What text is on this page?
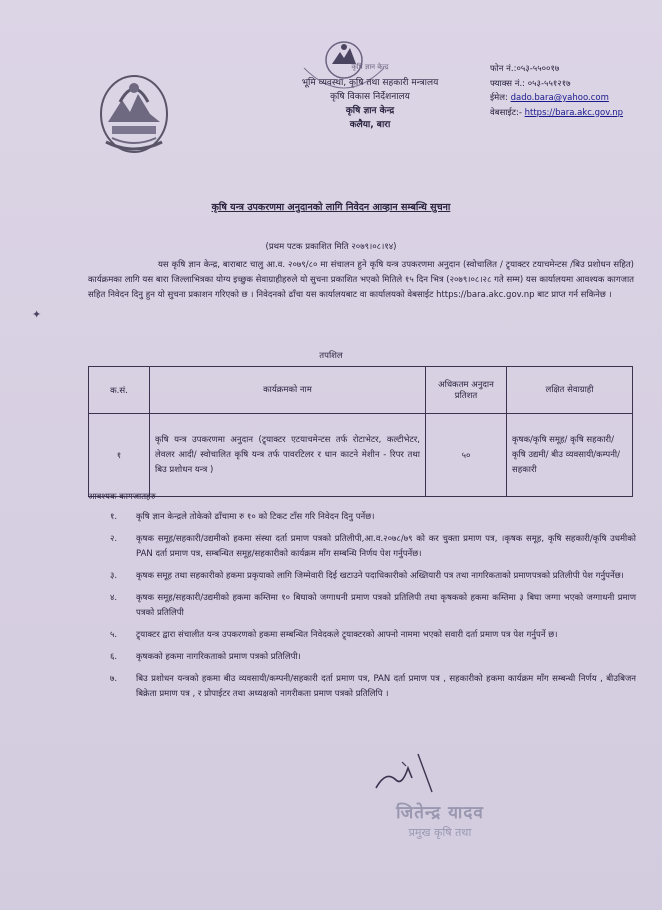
कृषि ज्ञान केन्द्र
भूमि व्यवस्था, कृषि तथा सहकारी मन्त्रालय
कृषि विकास निर्देशनालय
कृषि ज्ञान केन्द्र
कलैया, बारा
फोन नं.:०५३-५५००१७
फ्याक्स नं.: ०५३-५५१२१७
ईमेल: dado.bara@yahoo.com
वेबसाईट:- https://bara.akc.gov.np
कृषि यन्त्र उपकरणमा अनुदानको लागि निवेदन आव्हान सम्बन्धि सुचना
(प्रथम पटक प्रकाशित मिति २०७९।०८।१४)
✦
यस कृषि ज्ञान केन्द्र, बाराबाट चालु आ.व. २०७९/८० मा संचालन हुने कृषि यन्त्र उपकरणमा अनुदान (स्वोचालित / ट्र्याक्टर टयाचमेन्टस /बिउ प्रशोधन सहित) कार्यक्रमका लागि यस बारा जिल्लाभित्रका योग्य इच्छुक सेवाग्राहीहरुले यो सुचना प्रकाशित भएको मितिले १५ दिन भित्र (२०७९।०८।२८ गते सम्म) यस कार्यालयमा आवश्यक कागजात सहित निवेदन दिनु हुन यो सुचना प्रकाशन गरिएको छ । निवेदनको ढाँचा यस कार्यालयबाट वा कार्यालयको वेबसाईट https://bara.akc.gov.np बाट प्राप्त गर्न सकिनेछ ।
तपशिल
क.सं.	कार्यक्रमको नाम	अधिकतम अनुदान प्रतिशत	लक्षित सेवाग्राही
१	कृषि यन्त्र उपकरणमा अनुदान (ट्र्याक्टर एटयाचमेन्टस तर्फ रोटाभेटर, कल्टीभेटर, लेवलर आदी/ स्वोचालित कृषि यन्त्र तर्फ पावरटिलर र धान काटने मेशीन - रिपर तथा बिउ प्रशोधन यन्त्र )	५०	कृषक/कृषि समूह/ कृषि सहकारी/ कृषि उद्यमी/ बीउ व्यवसायी/कम्पनी/ सहकारी
आवश्यक कागजातहरु
१.	कृषि ज्ञान केन्द्रले तोकेको ढाँचामा रु १० को टिकट टाँस गरि निवेदन दिनु पर्नेछ।
२.	कृषक समूह/सहकारी/उद्यमीको हकमा संस्था दर्ता प्रमाण पत्रको प्रतिलीपी,आ.व.२०७८/७९ को कर चुक्ता प्रमाण पत्र, ।कृषक समूह, कृषि सहकारी/कृषि उधमीको PAN दर्ता प्रमाण पत्र, सम्बन्धित समूह/सहकारीको कार्यक्रम माँग सम्बन्धि निर्णय पेश गर्नुपर्नेछ।
३.	कृषक समूह तथा सहकारीको हकमा प्रकृयाको लागि जिम्मेवारी दिई खटाउने पदाधिकारीको अख्तियारी पत्र तथा नागरिकताको प्रमाणपत्रको प्रतिलीपी पेश गर्नुपर्नेछ।
४.	कृषक समूह/सहकारी/उद्यमीको हकमा कम्तिमा १० बिघाको जग्गाधनी प्रमाण पत्रको प्रतिलिपी तथा कृषकको हकमा कम्तिमा ३ बिघा जग्गा भएको जग्गाधनी प्रमाण पत्रको प्रतिलिपी
५.	ट्र्याक्टर द्वारा संचालीत यन्त्र उपकरणको हकमा सम्बन्धित निवेदकले ट्र्याक्टरको आफ्नो नाममा भएको सवारी दर्ता प्रमाण पत्र पेश गर्नुपर्ने छ।
६.	कृषकको हकमा नागरिकताको प्रमाण पत्रको प्रतिलिपी।
७.	बिउ प्रशोधन यन्त्रको हकमा बीउ व्यवसायी/कम्पनी/सहकारी दर्ता प्रमाण पत्र, PAN दर्ता प्रमाण पत्र , सहकारीको हकमा कार्यक्रम माँग सम्बन्धी निर्णय , बीउबिजन बिक्रेता प्रमाण पत्र , र प्रोपाईटर तथा अध्यक्षको नागरीकता प्रमाण पत्रको प्रतिलिपि ।
जितेन्द्र यादव
प्रमुख कृषि तथा
